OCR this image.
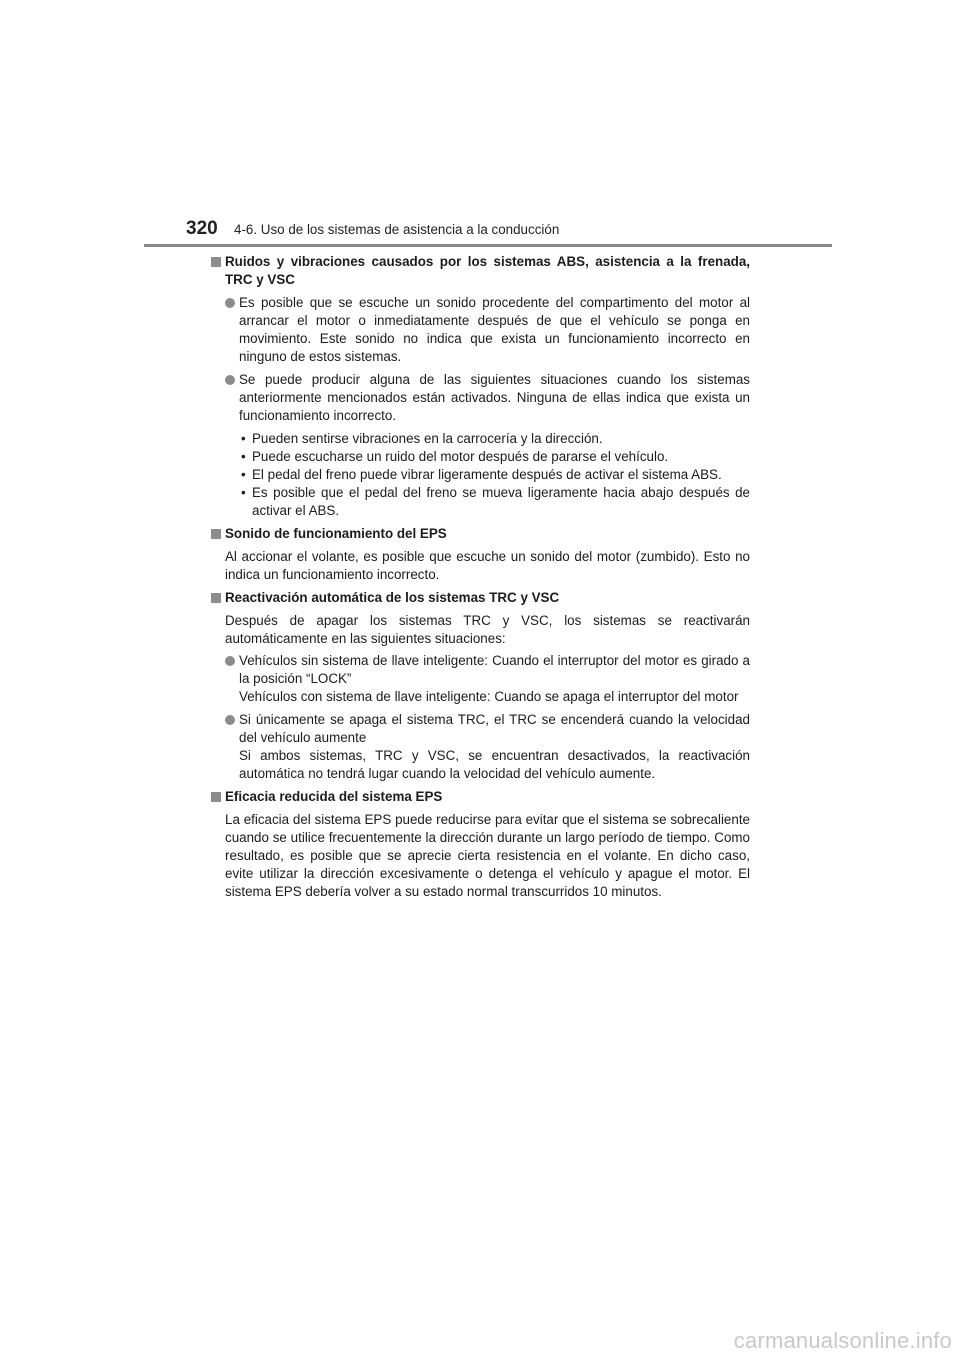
320 4-6. Uso de los sistemas de asistencia a la conducción
Ruidos y vibraciones causados por los sistemas ABS, asistencia a la frenada, TRC y VSC
Es posible que se escuche un sonido procedente del compartimento del motor al arrancar el motor o inmediatamente después de que el vehículo se ponga en movimiento. Este sonido no indica que exista un funcionamiento incorrecto en ninguno de estos sistemas.
Se puede producir alguna de las siguientes situaciones cuando los sistemas anteriormente mencionados están activados. Ninguna de ellas indica que exista un funcionamiento incorrecto.
• Pueden sentirse vibraciones en la carrocería y la dirección.
• Puede escucharse un ruido del motor después de pararse el vehículo.
• El pedal del freno puede vibrar ligeramente después de activar el sistema ABS.
• Es posible que el pedal del freno se mueva ligeramente hacia abajo después de activar el ABS.
Sonido de funcionamiento del EPS
Al accionar el volante, es posible que escuche un sonido del motor (zumbido). Esto no indica un funcionamiento incorrecto.
Reactivación automática de los sistemas TRC y VSC
Después de apagar los sistemas TRC y VSC, los sistemas se reactivarán automáticamente en las siguientes situaciones:
Vehículos sin sistema de llave inteligente: Cuando el interruptor del motor es girado a la posición “LOCK”
Vehículos con sistema de llave inteligente: Cuando se apaga el interruptor del motor
Si únicamente se apaga el sistema TRC, el TRC se encenderá cuando la velocidad del vehículo aumente
Si ambos sistemas, TRC y VSC, se encuentran desactivados, la reactivación automática no tendrá lugar cuando la velocidad del vehículo aumente.
Eficacia reducida del sistema EPS
La eficacia del sistema EPS puede reducirse para evitar que el sistema se sobrecaliente cuando se utilice frecuentemente la dirección durante un largo período de tiempo. Como resultado, es posible que se aprecie cierta resistencia en el volante. En dicho caso, evite utilizar la dirección excesivamente o detenga el vehículo y apague el motor. El sistema EPS debería volver a su estado normal transcurridos 10 minutos.
carmanualsonline.info
